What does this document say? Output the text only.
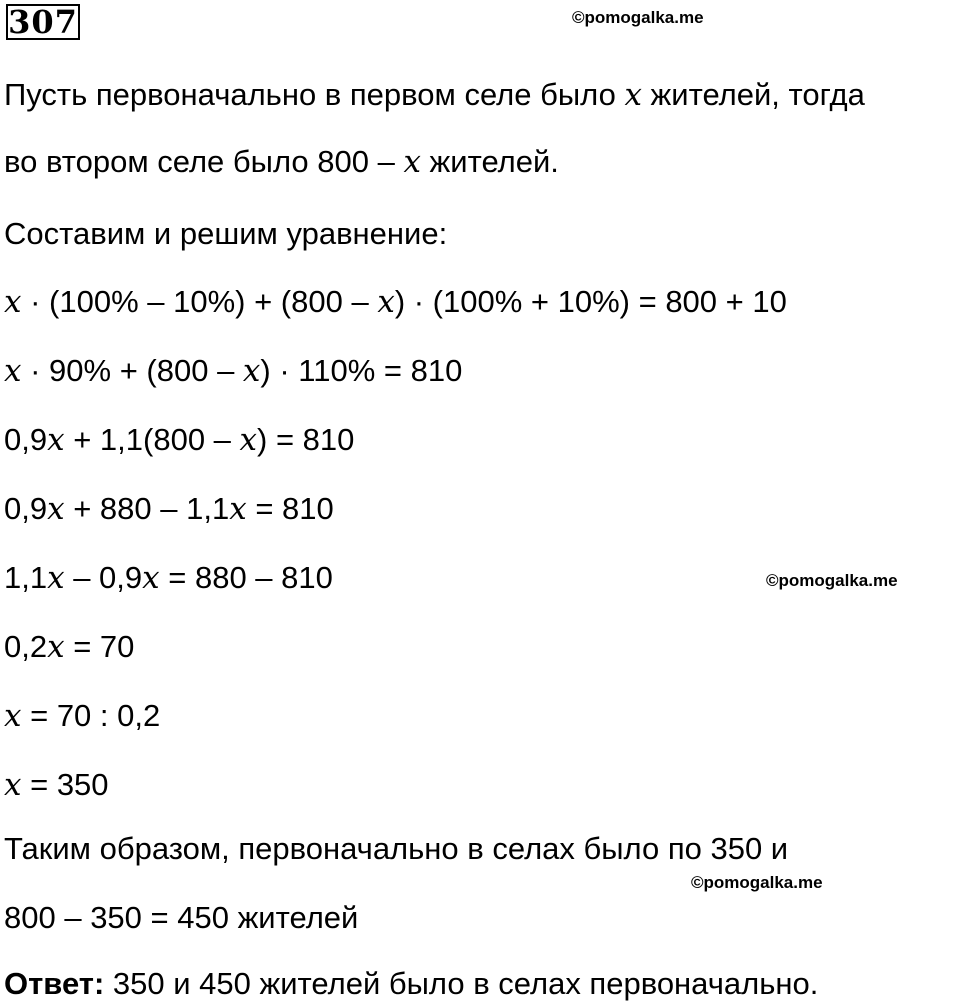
307	©pomogalka.me
©pomogalka.me
©pomogalka.me
Пусть первоначально в первом селе было x жителей, тогда
во втором селе было 800 – x жителей.
Составим и решим уравнение:
x · (100% – 10%) + (800 – x) · (100% + 10%) = 800 + 10
x · 90% + (800 – x) · 110% = 810
0,9x + 1,1(800 – x) = 810
0,9x + 880 – 1,1x = 810
1,1x – 0,9x = 880 – 810
0,2x = 70
x = 70 : 0,2
x = 350
Таким образом, первоначально в селах было по 350 и
800 – 350 = 450 жителей
Ответ: 350 и 450 жителей было в селах первоначально.
